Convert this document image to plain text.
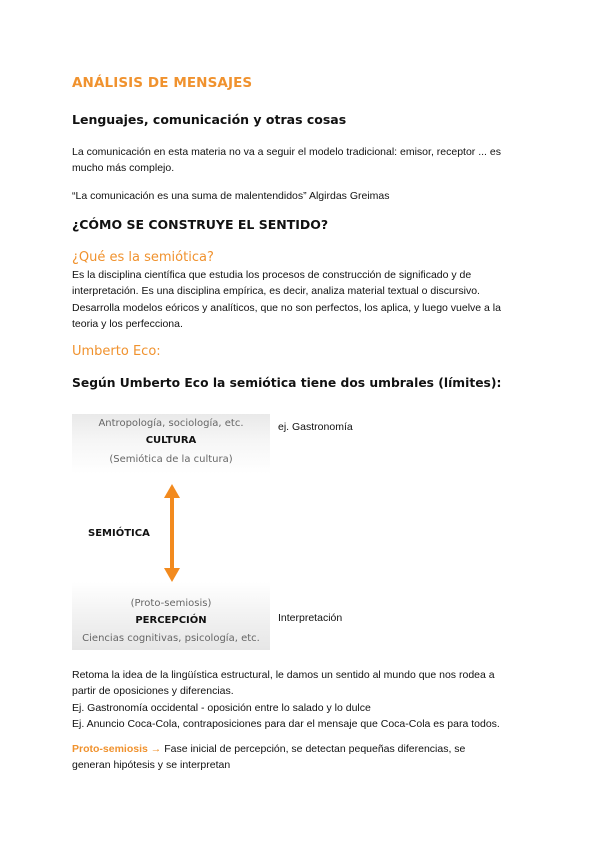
ANÁLISIS DE MENSAJES
Lenguajes, comunicación y otras cosas
La comunicación en esta materia no va a seguir el modelo tradicional: emisor, receptor ... es
mucho más complejo.
“La comunicación es una suma de malentendidos” Algirdas Greimas
¿CÓMO SE CONSTRUYE EL SENTIDO?
¿Qué es la semiótica?
Es la disciplina científica que estudia los procesos de construcción de significado y de
interpretación. Es una disciplina empírica, es decir, analiza material textual o discursivo.
Desarrolla modelos eóricos y analíticos, que no son perfectos, los aplica, y luego vuelve a la
teoria y los perfecciona.
Umberto Eco:
Según Umberto Eco la semiótica tiene dos umbrales (límites):
Antropología, sociología, etc.
CULTURA
(Semiótica de la cultura)
SEMIÓTICA
(Proto-semiosis)
PERCEPCIÓN
Ciencias cognitivas, psicología, etc.
ej. Gastronomía
Interpretación
Retoma la idea de la lingüística estructural, le damos un sentido al mundo que nos rodea a
partir de oposiciones y diferencias.
Ej. Gastronomía occidental - oposición entre lo salado y lo dulce
Ej. Anuncio Coca-Cola, contraposiciones para dar el mensaje que Coca-Cola es para todos.
Proto-semiosis → Fase inicial de percepción, se detectan pequeñas diferencias, se
generan hipótesis y se interpretan
